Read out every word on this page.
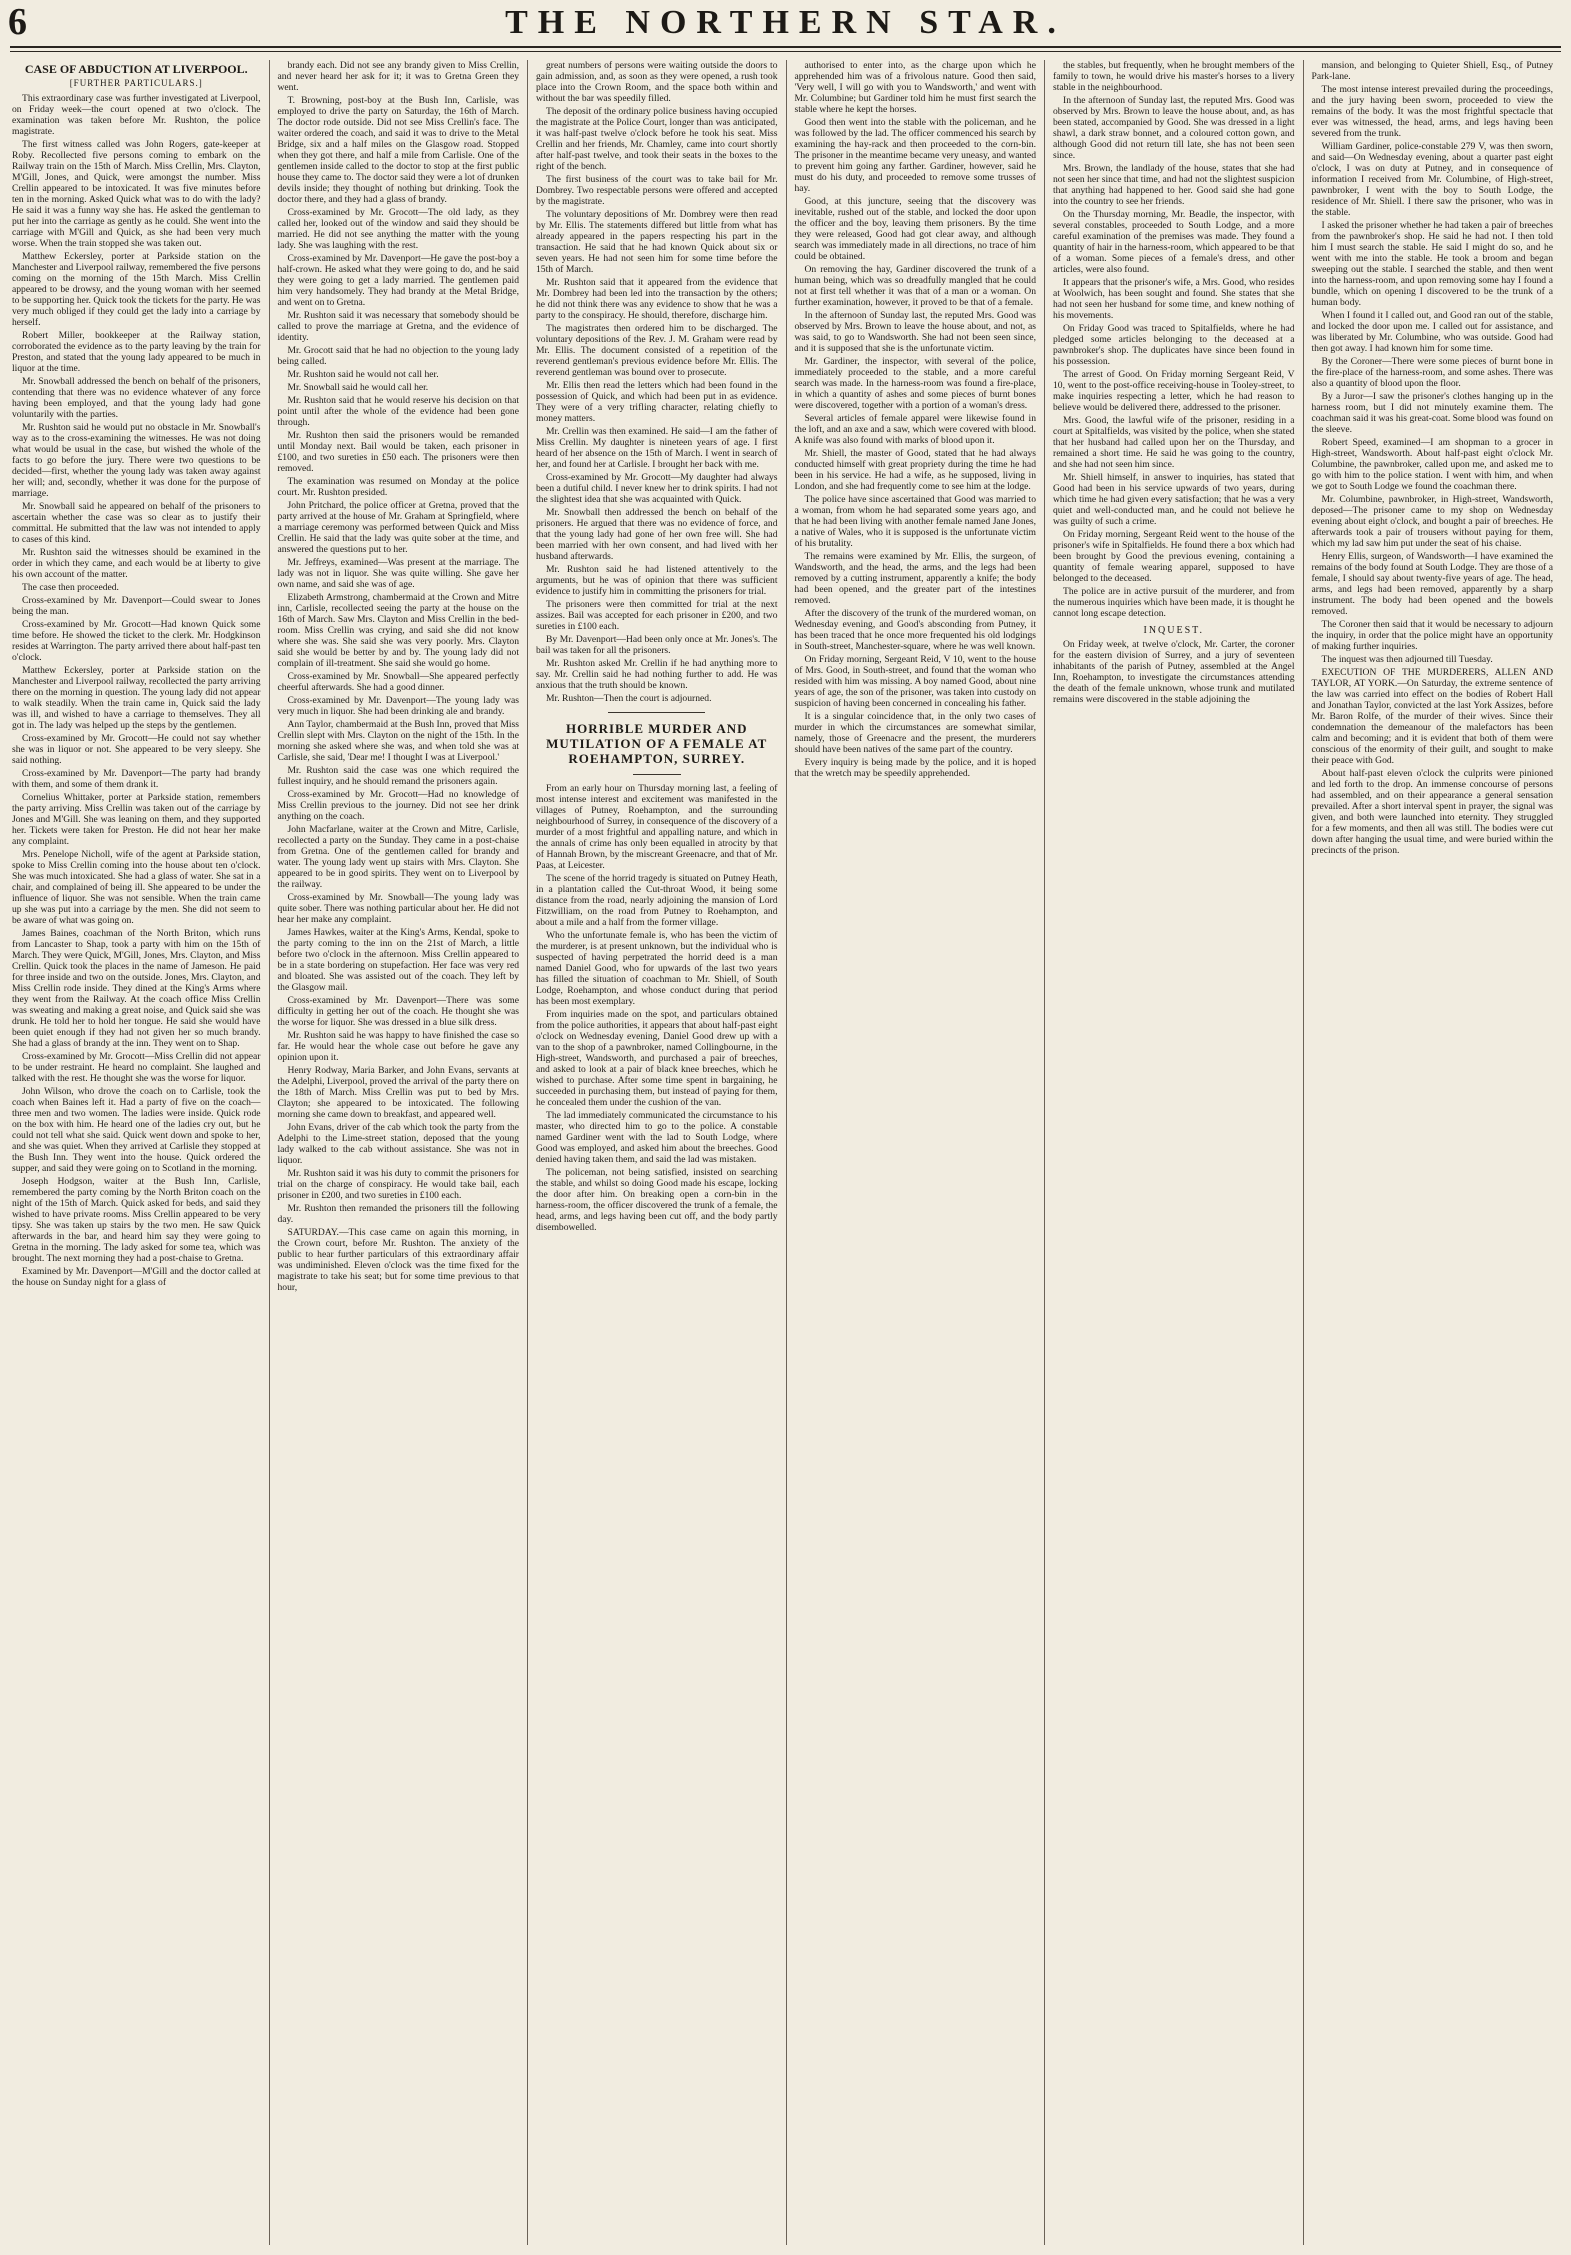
6	THE NORTHERN STAR.
CASE OF ABDUCTION AT LIVERPOOL.
[FURTHER PARTICULARS.]

This extraordinary case was further investigated at Liverpool, on Friday week—the court opened at two o'clock. The examination was taken before Mr. Rushton, the police magistrate.

The first witness called was John Rogers, gate-keeper at Roby. Recollected five persons coming to embark on the Railway train on the 15th of March. Miss Crellin, Mrs. Clayton, M'Gill, Jones, and Quick, were amongst the number. Miss Crellin appeared to be intoxicated. It was five minutes before ten in the morning. Asked Quick what was to do with the lady? He said it was a funny way she has. He asked the gentleman to put her into the carriage as gently as he could. She went into the carriage with M'Gill and Quick, as she had been very much worse. When the train stopped she was taken out.

Matthew Eckersley, porter at Parkside station on the Manchester and Liverpool railway, remembered the five persons coming on the morning of the 15th March. Miss Crellin appeared to be drowsy, and the young woman with her seemed to be supporting her. Quick took the tickets for the party. He was very much obliged if they could get the lady into a carriage by herself.

Robert Miller, bookkeeper at the Railway station, corroborated the evidence as to the party leaving by the train for Preston, and stated that the young lady appeared to be much in liquor at the time.

Mr. Snowball addressed the bench on behalf of the prisoners, contending that there was no evidence whatever of any force having been employed, and that the young lady had gone voluntarily with the parties.

Mr. Rushton said he would put no obstacle in Mr. Snowball's way as to the cross-examining the witnesses. He was not doing what would be usual in the case, but wished the whole of the facts to go before the jury. There were two questions to be decided—first, whether the young lady was taken away against her will; and, secondly, whether it was done for the purpose of marriage.

Mr. Snowball said he appeared on behalf of the prisoners to ascertain whether the case was so clear as to justify their committal. He submitted that the law was not intended to apply to cases of this kind.

Mr. Rushton said the witnesses should be examined in the order in which they came, and each would be at liberty to give his own account of the matter.

The case then proceeded.

Cross-examined by Mr. Davenport—Could swear to Jones being the man.

Cross-examined by Mr. Grocott—Had known Quick some time before. He showed the ticket to the clerk. Mr. Hodgkinson resides at Warrington. The party arrived there about half-past ten o'clock.

Matthew Eckersley, porter at Parkside station on the Manchester and Liverpool railway, recollected the party arriving there on the morning in question. The young lady did not appear to walk steadily. When the train came in, Quick said the lady was ill, and wished to have a carriage to themselves. They all got in. The lady was helped up the steps by the gentlemen.

Cross-examined by Mr. Grocott—He could not say whether she was in liquor or not. She appeared to be very sleepy. She said nothing.

Cross-examined by Mr. Davenport—The party had brandy with them, and some of them drank it.

Cornelius Whittaker, porter at Parkside station, remembers the party arriving. Miss Crellin was taken out of the carriage by Jones and M'Gill. She was leaning on them, and they supported her. Tickets were taken for Preston. He did not hear her make any complaint.

Mrs. Penelope Nicholl, wife of the agent at Parkside station, spoke to Miss Crellin coming into the house about ten o'clock. She was much intoxicated. She had a glass of water. She sat in a chair, and complained of being ill. She appeared to be under the influence of liquor. She was not sensible. When the train came up she was put into a carriage by the men. She did not seem to be aware of what was going on.

James Baines, coachman of the North Briton, which runs from Lancaster to Shap, took a party with him on the 15th of March. They were Quick, M'Gill, Jones, Mrs. Clayton, and Miss Crellin. Quick took the places in the name of Jameson. He paid for three inside and two on the outside. Jones, Mrs. Clayton, and Miss Crellin rode inside. They dined at the King's Arms where they went from the Railway. At the coach office Miss Crellin was sweating and making a great noise, and Quick said she was drunk. He told her to hold her tongue. He said she would have been quiet enough if they had not given her so much brandy. She had a glass of brandy at the inn. They went on to Shap.

Cross-examined by Mr. Grocott—Miss Crellin did not appear to be under restraint. He heard no complaint. She laughed and talked with the rest. He thought she was the worse for liquor.

John Wilson, who drove the coach on to Carlisle, took the coach when Baines left it. Had a party of five on the coach—three men and two women. The ladies were inside. Quick rode on the box with him. He heard one of the ladies cry out, but he could not tell what she said. Quick went down and spoke to her, and she was quiet. When they arrived at Carlisle they stopped at the Bush Inn. They went into the house. Quick ordered the supper, and said they were going on to Scotland in the morning.

Joseph Hodgson, waiter at the Bush Inn, Carlisle, remembered the party coming by the North Briton coach on the night of the 15th of March. Quick asked for beds, and said they wished to have private rooms. Miss Crellin appeared to be very tipsy. She was taken up stairs by the two men. He saw Quick afterwards in the bar, and heard him say they were going to Gretna in the morning. The lady asked for some tea, which was brought. The next morning they had a post-chaise to Gretna.

Examined by Mr. Davenport—M'Gill and the doctor called at the house on Sunday night for a glass of

brandy each. Did not see any brandy given to Miss Crellin, and never heard her ask for it; it was to Gretna Green they went.

T. Browning, post-boy at the Bush Inn, Carlisle, was employed to drive the party on Saturday, the 16th of March. The doctor rode outside. Did not see Miss Crellin's face. The waiter ordered the coach, and said it was to drive to the Metal Bridge, six and a half miles on the Glasgow road. Stopped when they got there, and half a mile from Carlisle. One of the gentlemen inside called to the doctor to stop at the first public house they came to. The doctor said they were a lot of drunken devils inside; they thought of nothing but drinking. Took the doctor there, and they had a glass of brandy.

Cross-examined by Mr. Grocott—The old lady, as they called her, looked out of the window and said they should be married. He did not see anything the matter with the young lady. She was laughing with the rest.

Cross-examined by Mr. Davenport—He gave the post-boy a half-crown. He asked what they were going to do, and he said they were going to get a lady married. The gentlemen paid him very handsomely. They had brandy at the Metal Bridge, and went on to Gretna.

Mr. Rushton said it was necessary that somebody should be called to prove the marriage at Gretna, and the evidence of identity.

Mr. Grocott said that he had no objection to the young lady being called.

Mr. Rushton said he would not call her.

Mr. Snowball said he would call her.

Mr. Rushton said that he would reserve his decision on that point until after the whole of the evidence had been gone through.

Mr. Rushton then said the prisoners would be remanded until Monday next. Bail would be taken, each prisoner in £100, and two sureties in £50 each. The prisoners were then removed.

The examination was resumed on Monday at the police court. Mr. Rushton presided.

John Pritchard, the police officer at Gretna, proved that the party arrived at the house of Mr. Graham at Springfield, where a marriage ceremony was performed between Quick and Miss Crellin. He said that the lady was quite sober at the time, and answered the questions put to her.

Mr. Jeffreys, examined—Was present at the marriage. The lady was not in liquor. She was quite willing. She gave her own name, and said she was of age.

Elizabeth Armstrong, chambermaid at the Crown and Mitre inn, Carlisle, recollected seeing the party at the house on the 16th of March. Saw Mrs. Clayton and Miss Crellin in the bed-room. Miss Crellin was crying, and said she did not know where she was. She said she was very poorly. Mrs. Clayton said she would be better by and by. The young lady did not complain of ill-treatment. She said she would go home.

Cross-examined by Mr. Snowball—She appeared perfectly cheerful afterwards. She had a good dinner.

Cross-examined by Mr. Davenport—The young lady was very much in liquor. She had been drinking ale and brandy.

Ann Taylor, chambermaid at the Bush Inn, proved that Miss Crellin slept with Mrs. Clayton on the night of the 15th. In the morning she asked where she was, and when told she was at Carlisle, she said, 'Dear me! I thought I was at Liverpool.'

Mr. Rushton said the case was one which required the fullest inquiry, and he should remand the prisoners again.

Cross-examined by Mr. Grocott—Had no knowledge of Miss Crellin previous to the journey. Did not see her drink anything on the coach.

John Macfarlane, waiter at the Crown and Mitre, Carlisle, recollected a party on the Sunday. They came in a post-chaise from Gretna. One of the gentlemen called for brandy and water. The young lady went up stairs with Mrs. Clayton. She appeared to be in good spirits. They went on to Liverpool by the railway.

Cross-examined by Mr. Snowball—The young lady was quite sober. There was nothing particular about her. He did not hear her make any complaint.

James Hawkes, waiter at the King's Arms, Kendal, spoke to the party coming to the inn on the 21st of March, a little before two o'clock in the afternoon. Miss Crellin appeared to be in a state bordering on stupefaction. Her face was very red and bloated. She was assisted out of the coach. They left by the Glasgow mail.

Cross-examined by Mr. Davenport—There was some difficulty in getting her out of the coach. He thought she was the worse for liquor. She was dressed in a blue silk dress.

Mr. Rushton said he was happy to have finished the case so far. He would hear the whole case out before he gave any opinion upon it.

Henry Rodway, Maria Barker, and John Evans, servants at the Adelphi, Liverpool, proved the arrival of the party there on the 18th of March. Miss Crellin was put to bed by Mrs. Clayton; she appeared to be intoxicated. The following morning she came down to breakfast, and appeared well.

John Evans, driver of the cab which took the party from the Adelphi to the Lime-street station, deposed that the young lady walked to the cab without assistance. She was not in liquor.

Mr. Rushton said it was his duty to commit the prisoners for trial on the charge of conspiracy. He would take bail, each prisoner in £200, and two sureties in £100 each.

Mr. Rushton then remanded the prisoners till the following day.

SATURDAY.—This case came on again this morning, in the Crown court, before Mr. Rushton. The anxiety of the public to hear further particulars of this extraordinary affair was undiminished. Eleven o'clock was the time fixed for the magistrate to take his seat; but for some time previous to that hour,

great numbers of persons were waiting outside the doors to gain admission, and, as soon as they were opened, a rush took place into the Crown Room, and the space both within and without the bar was speedily filled.

The deposit of the ordinary police business having occupied the magistrate at the Police Court, longer than was anticipated, it was half-past twelve o'clock before he took his seat. Miss Crellin and her friends, Mr. Chamley, came into court shortly after half-past twelve, and took their seats in the boxes to the right of the bench.

The first business of the court was to take bail for Mr. Dombrey. Two respectable persons were offered and accepted by the magistrate.

The voluntary depositions of Mr. Dombrey were then read by Mr. Ellis. The statements differed but little from what has already appeared in the papers respecting his part in the transaction. He said that he had known Quick about six or seven years. He had not seen him for some time before the 15th of March.

Mr. Rushton said that it appeared from the evidence that Mr. Dombrey had been led into the transaction by the others; he did not think there was any evidence to show that he was a party to the conspiracy. He should, therefore, discharge him.

The magistrates then ordered him to be discharged. The voluntary depositions of the Rev. J. M. Graham were read by Mr. Ellis. The document consisted of a repetition of the reverend gentleman's previous evidence before Mr. Ellis. The reverend gentleman was bound over to prosecute.

Mr. Ellis then read the letters which had been found in the possession of Quick, and which had been put in as evidence. They were of a very trifling character, relating chiefly to money matters.

Mr. Crellin was then examined. He said—I am the father of Miss Crellin. My daughter is nineteen years of age. I first heard of her absence on the 15th of March. I went in search of her, and found her at Carlisle. I brought her back with me.

Cross-examined by Mr. Grocott—My daughter had always been a dutiful child. I never knew her to drink spirits. I had not the slightest idea that she was acquainted with Quick.

Mr. Snowball then addressed the bench on behalf of the prisoners. He argued that there was no evidence of force, and that the young lady had gone of her own free will. She had been married with her own consent, and had lived with her husband afterwards.

Mr. Rushton said he had listened attentively to the arguments, but he was of opinion that there was sufficient evidence to justify him in committing the prisoners for trial.

The prisoners were then committed for trial at the next assizes. Bail was accepted for each prisoner in £200, and two sureties in £100 each.

By Mr. Davenport—Had been only once at Mr. Jones's. The bail was taken for all the prisoners.

Mr. Rushton asked Mr. Crellin if he had anything more to say. Mr. Crellin said he had nothing further to add. He was anxious that the truth should be known.

Mr. Rushton—Then the court is adjourned.

HORRIBLE MURDER AND MUTILATION OF A FEMALE AT ROEHAMPTON, SURREY.

From an early hour on Thursday morning last, a feeling of most intense interest and excitement was manifested in the villages of Putney, Roehampton, and the surrounding neighbourhood of Surrey, in consequence of the discovery of a murder of a most frightful and appalling nature, and which in the annals of crime has only been equalled in atrocity by that of Hannah Brown, by the miscreant Greenacre, and that of Mr. Paas, at Leicester.

The scene of the horrid tragedy is situated on Putney Heath, in a plantation called the Cut-throat Wood, it being some distance from the road, nearly adjoining the mansion of Lord Fitzwilliam, on the road from Putney to Roehampton, and about a mile and a half from the former village.

Who the unfortunate female is, who has been the victim of the murderer, is at present unknown, but the individual who is suspected of having perpetrated the horrid deed is a man named Daniel Good, who for upwards of the last two years has filled the situation of coachman to Mr. Shiell, of South Lodge, Roehampton, and whose conduct during that period has been most exemplary.

From inquiries made on the spot, and particulars obtained from the police authorities, it appears that about half-past eight o'clock on Wednesday evening, Daniel Good drew up with a van to the shop of a pawnbroker, named Collingbourne, in the High-street, Wandsworth, and purchased a pair of breeches, and asked to look at a pair of black knee breeches, which he wished to purchase. After some time spent in bargaining, he succeeded in purchasing them, but instead of paying for them, he concealed them under the cushion of the van.

The lad immediately communicated the circumstance to his master, who directed him to go to the police. A constable named Gardiner went with the lad to South Lodge, where Good was employed, and asked him about the breeches. Good denied having taken them, and said the lad was mistaken.

The policeman, not being satisfied, insisted on searching the stable, and whilst so doing Good made his escape, locking the door after him. On breaking open a corn-bin in the harness-room, the officer discovered the trunk of a female, the head, arms, and legs having been cut off, and the body partly disembowelled.

authorised to enter into, as the charge upon which he apprehended him was of a frivolous nature. Good then said, 'Very well, I will go with you to Wandsworth,' and went with Mr. Columbine; but Gardiner told him he must first search the stable where he kept the horses.

Good then went into the stable with the policeman, and he was followed by the lad. The officer commenced his search by examining the hay-rack and then proceeded to the corn-bin. The prisoner in the meantime became very uneasy, and wanted to prevent him going any farther. Gardiner, however, said he must do his duty, and proceeded to remove some trusses of hay.

Good, at this juncture, seeing that the discovery was inevitable, rushed out of the stable, and locked the door upon the officer and the boy, leaving them prisoners. By the time they were released, Good had got clear away, and although search was immediately made in all directions, no trace of him could be obtained.

On removing the hay, Gardiner discovered the trunk of a human being, which was so dreadfully mangled that he could not at first tell whether it was that of a man or a woman. On further examination, however, it proved to be that of a female.

In the afternoon of Sunday last, the reputed Mrs. Good was observed by Mrs. Brown to leave the house about, and not, as was said, to go to Wandsworth. She had not been seen since, and it is supposed that she is the unfortunate victim.

Mr. Gardiner, the inspector, with several of the police, immediately proceeded to the stable, and a more careful search was made. In the harness-room was found a fire-place, in which a quantity of ashes and some pieces of burnt bones were discovered, together with a portion of a woman's dress.

Several articles of female apparel were likewise found in the loft, and an axe and a saw, which were covered with blood. A knife was also found with marks of blood upon it.

Mr. Shiell, the master of Good, stated that he had always conducted himself with great propriety during the time he had been in his service. He had a wife, as he supposed, living in London, and she had frequently come to see him at the lodge.

The police have since ascertained that Good was married to a woman, from whom he had separated some years ago, and that he had been living with another female named Jane Jones, a native of Wales, who it is supposed is the unfortunate victim of his brutality.

The remains were examined by Mr. Ellis, the surgeon, of Wandsworth, and the head, the arms, and the legs had been removed by a cutting instrument, apparently a knife; the body had been opened, and the greater part of the intestines removed.

After the discovery of the trunk of the murdered woman, on Wednesday evening, and Good's absconding from Putney, it has been traced that he once more frequented his old lodgings in South-street, Manchester-square, where he was well known.

On Friday morning, Sergeant Reid, V 10, went to the house of Mrs. Good, in South-street, and found that the woman who resided with him was missing. A boy named Good, about nine years of age, the son of the prisoner, was taken into custody on suspicion of having been concerned in concealing his father.

It is a singular coincidence that, in the only two cases of murder in which the circumstances are somewhat similar, namely, those of Greenacre and the present, the murderers should have been natives of the same part of the country.

Every inquiry is being made by the police, and it is hoped that the wretch may be speedily apprehended.

the stables, but frequently, when he brought members of the family to town, he would drive his master's horses to a livery stable in the neighbourhood.

In the afternoon of Sunday last, the reputed Mrs. Good was observed by Mrs. Brown to leave the house about, and, as has been stated, accompanied by Good. She was dressed in a light shawl, a dark straw bonnet, and a coloured cotton gown, and although Good did not return till late, she has not been seen since.

Mrs. Brown, the landlady of the house, states that she had not seen her since that time, and had not the slightest suspicion that anything had happened to her. Good said she had gone into the country to see her friends.

On the Thursday morning, Mr. Beadle, the inspector, with several constables, proceeded to South Lodge, and a more careful examination of the premises was made. They found a quantity of hair in the harness-room, which appeared to be that of a woman. Some pieces of a female's dress, and other articles, were also found.

It appears that the prisoner's wife, a Mrs. Good, who resides at Woolwich, has been sought and found. She states that she had not seen her husband for some time, and knew nothing of his movements.

On Friday Good was traced to Spitalfields, where he had pledged some articles belonging to the deceased at a pawnbroker's shop. The duplicates have since been found in his possession.

The arrest of Good. On Friday morning Sergeant Reid, V 10, went to the post-office receiving-house in Tooley-street, to make inquiries respecting a letter, which he had reason to believe would be delivered there, addressed to the prisoner.

Mrs. Good, the lawful wife of the prisoner, residing in a court at Spitalfields, was visited by the police, when she stated that her husband had called upon her on the Thursday, and remained a short time. He said he was going to the country, and she had not seen him since.

Mr. Shiell himself, in answer to inquiries, has stated that Good had been in his service upwards of two years, during which time he had given every satisfaction; that he was a very quiet and well-conducted man, and he could not believe he was guilty of such a crime.

On Friday morning, Sergeant Reid went to the house of the prisoner's wife in Spitalfields. He found there a box which had been brought by Good the previous evening, containing a quantity of female wearing apparel, supposed to have belonged to the deceased.

The police are in active pursuit of the murderer, and from the numerous inquiries which have been made, it is thought he cannot long escape detection.

INQUEST.

On Friday week, at twelve o'clock, Mr. Carter, the coroner for the eastern division of Surrey, and a jury of seventeen inhabitants of the parish of Putney, assembled at the Angel Inn, Roehampton, to investigate the circumstances attending the death of the female unknown, whose trunk and mutilated remains were discovered in the stable adjoining the

mansion, and belonging to Quieter Shiell, Esq., of Putney Park-lane.

The most intense interest prevailed during the proceedings, and the jury having been sworn, proceeded to view the remains of the body. It was the most frightful spectacle that ever was witnessed, the head, arms, and legs having been severed from the trunk.

William Gardiner, police-constable 279 V, was then sworn, and said—On Wednesday evening, about a quarter past eight o'clock, I was on duty at Putney, and in consequence of information I received from Mr. Columbine, of High-street, pawnbroker, I went with the boy to South Lodge, the residence of Mr. Shiell. I there saw the prisoner, who was in the stable.

I asked the prisoner whether he had taken a pair of breeches from the pawnbroker's shop. He said he had not. I then told him I must search the stable. He said I might do so, and he went with me into the stable. He took a broom and began sweeping out the stable. I searched the stable, and then went into the harness-room, and upon removing some hay I found a bundle, which on opening I discovered to be the trunk of a human body.

When I found it I called out, and Good ran out of the stable, and locked the door upon me. I called out for assistance, and was liberated by Mr. Columbine, who was outside. Good had then got away. I had known him for some time.

By the Coroner—There were some pieces of burnt bone in the fire-place of the harness-room, and some ashes. There was also a quantity of blood upon the floor.

By a Juror—I saw the prisoner's clothes hanging up in the harness room, but I did not minutely examine them. The coachman said it was his great-coat. Some blood was found on the sleeve.

Robert Speed, examined—I am shopman to a grocer in High-street, Wandsworth. About half-past eight o'clock Mr. Columbine, the pawnbroker, called upon me, and asked me to go with him to the police station. I went with him, and when we got to South Lodge we found the coachman there.

Mr. Columbine, pawnbroker, in High-street, Wandsworth, deposed—The prisoner came to my shop on Wednesday evening about eight o'clock, and bought a pair of breeches. He afterwards took a pair of trousers without paying for them, which my lad saw him put under the seat of his chaise.

Henry Ellis, surgeon, of Wandsworth—I have examined the remains of the body found at South Lodge. They are those of a female, I should say about twenty-five years of age. The head, arms, and legs had been removed, apparently by a sharp instrument. The body had been opened and the bowels removed.

The Coroner then said that it would be necessary to adjourn the inquiry, in order that the police might have an opportunity of making further inquiries.

The inquest was then adjourned till Tuesday.

EXECUTION OF THE MURDERERS, ALLEN AND TAYLOR, AT YORK.—On Saturday, the extreme sentence of the law was carried into effect on the bodies of Robert Hall and Jonathan Taylor, convicted at the last York Assizes, before Mr. Baron Rolfe, of the murder of their wives. Since their condemnation the demeanour of the malefactors has been calm and becoming; and it is evident that both of them were conscious of the enormity of their guilt, and sought to make their peace with God.

About half-past eleven o'clock the culprits were pinioned and led forth to the drop. An immense concourse of persons had assembled, and on their appearance a general sensation prevailed. After a short interval spent in prayer, the signal was given, and both were launched into eternity. They struggled for a few moments, and then all was still. The bodies were cut down after hanging the usual time, and were buried within the precincts of the prison.
